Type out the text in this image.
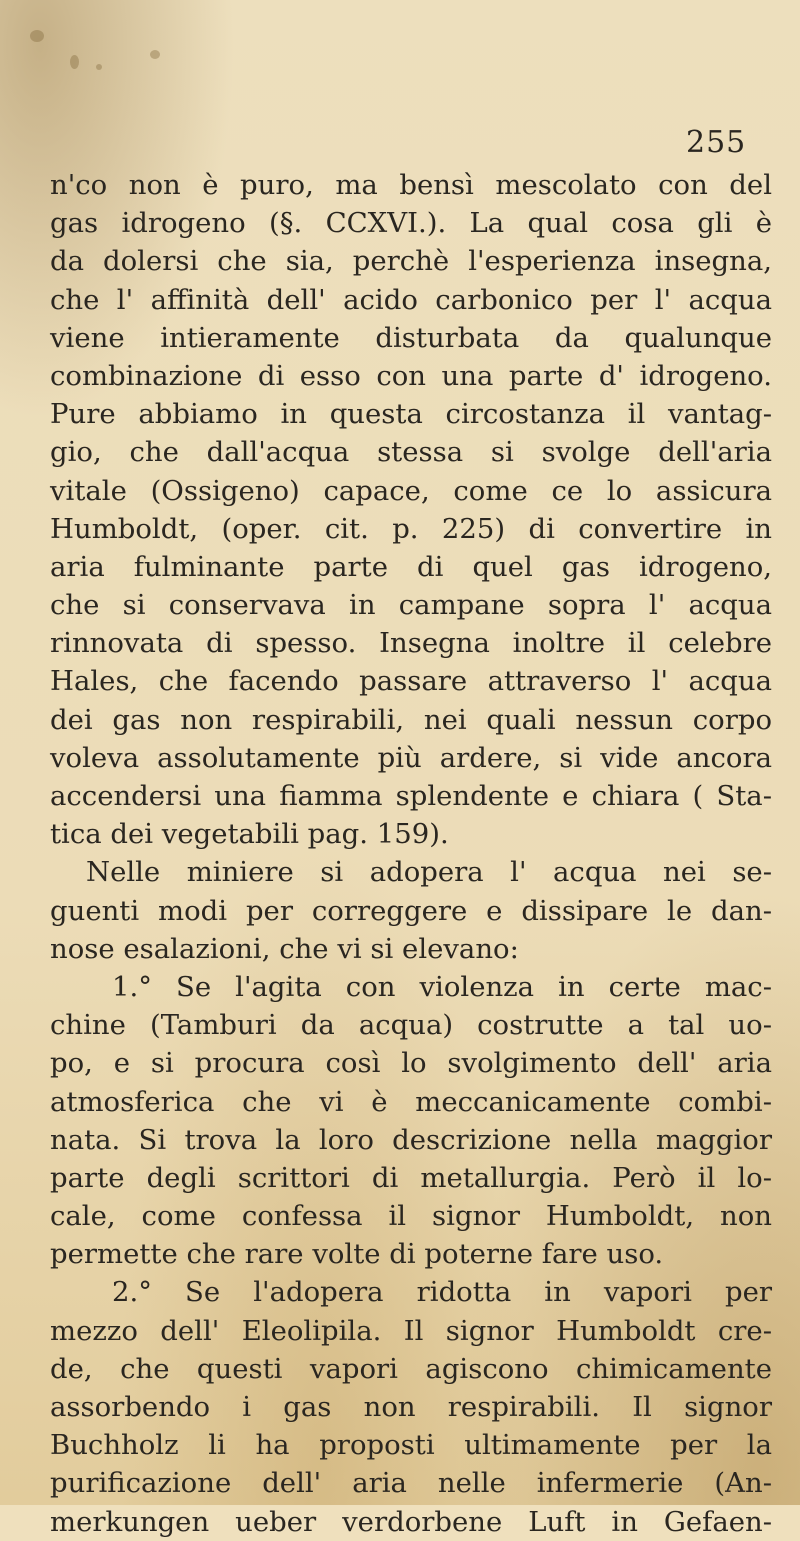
255
n'co non è puro, ma bensì mescolato con del
gas idrogeno (§. CCXVI.). La qual cosa gli è
da dolersi che sia, perchè l'esperienza insegna,
che l' affinità dell' acido carbonico per l' acqua
viene intieramente disturbata da qualunque
combinazione di esso con una parte d' idrogeno.
Pure abbiamo in questa circostanza il vantag-
gio, che dall'acqua stessa si svolge dell'aria
vitale (Ossigeno) capace, come ce lo assicura
Humboldt, (oper. cit. p. 225) di convertire in
aria fulminante parte di quel gas idrogeno,
che si conservava in campane sopra l' acqua
rinnovata di spesso. Insegna inoltre il celebre
Hales, che facendo passare attraverso l' acqua
dei gas non respirabili, nei quali nessun corpo
voleva assolutamente più ardere, si vide ancora
accendersi una fiamma splendente e chiara ( Sta-
tica dei vegetabili pag. 159).
Nelle miniere si adopera l' acqua nei se-
guenti modi per correggere e dissipare le dan-
nose esalazioni, che vi si elevano:
1.° Se l'agita con violenza in certe mac-
chine (Tamburi da acqua) costrutte a tal uo-
po, e si procura così lo svolgimento dell' aria
atmosferica che vi è meccanicamente combi-
nata. Si trova la loro descrizione nella maggior
parte degli scrittori di metallurgia. Però il lo-
cale, come confessa il signor Humboldt, non
permette che rare volte di poterne fare uso.
2.° Se l'adopera ridotta in vapori per
mezzo dell' Eleolipila. Il signor Humboldt cre-
de, che questi vapori agiscono chimicamente
assorbendo i gas non respirabili. Il signor
Buchholz li ha proposti ultimamente per la
purificazione dell' aria nelle infermerie (An-
merkungen ueber verdorbene Luft in Gefaen-
